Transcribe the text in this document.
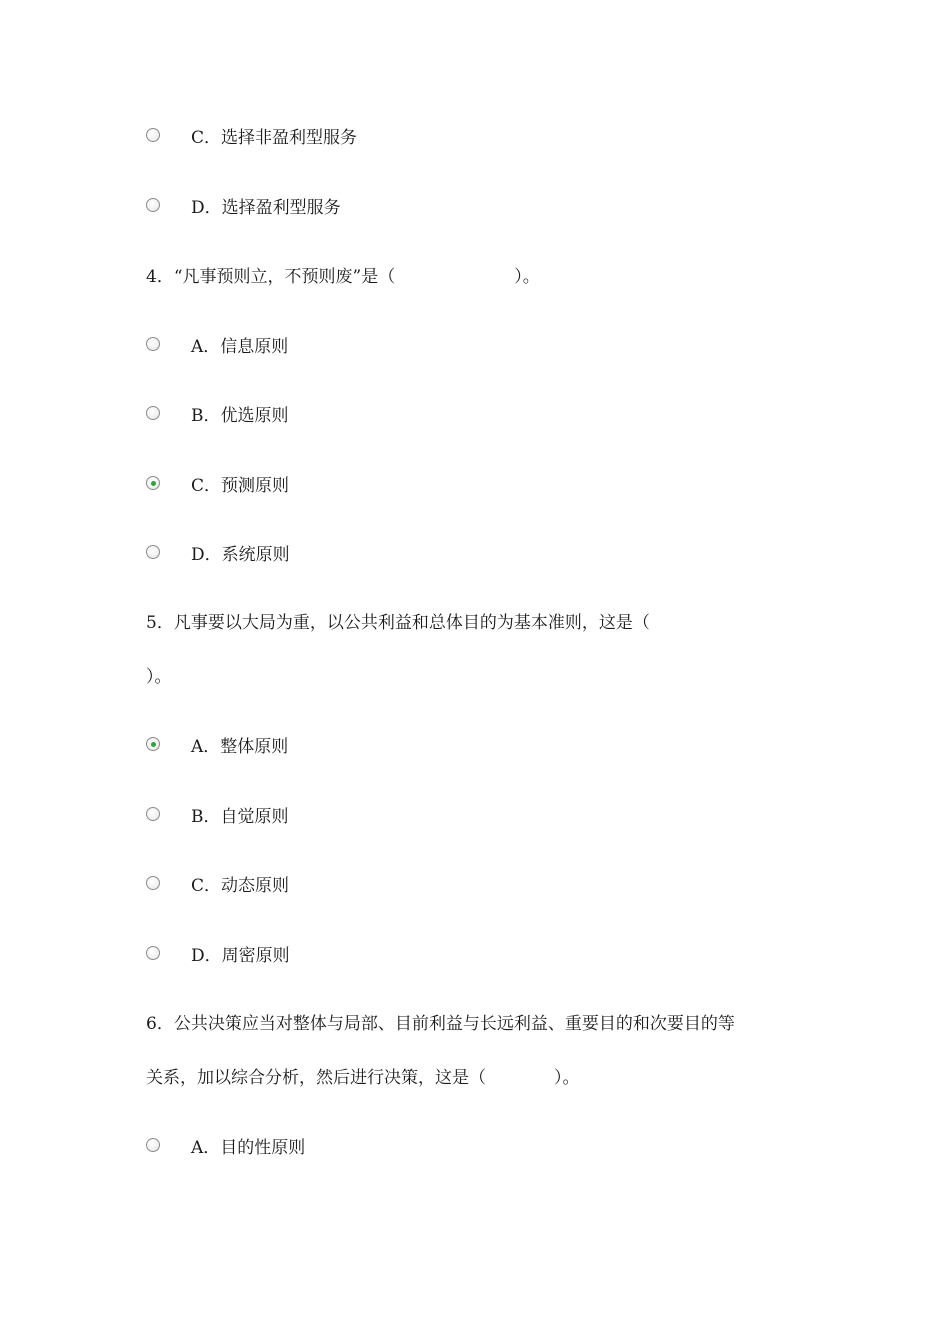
C．选择非盈利型服务
D．选择盈利型服务
4．“凡事预则立，不预则废”是（　　　　　　　）。
A．信息原则
B．优选原则
C．预测原则
D．系统原则
5．凡事要以大局为重，以公共利益和总体目的为基本准则，这是（
）。
A．整体原则
B．自觉原则
C．动态原则
D．周密原则
6．公共决策应当对整体与局部、目前利益与长远利益、重要目的和次要目的等
关系，加以综合分析，然后进行决策，这是（　　　　）。
A．目的性原则
